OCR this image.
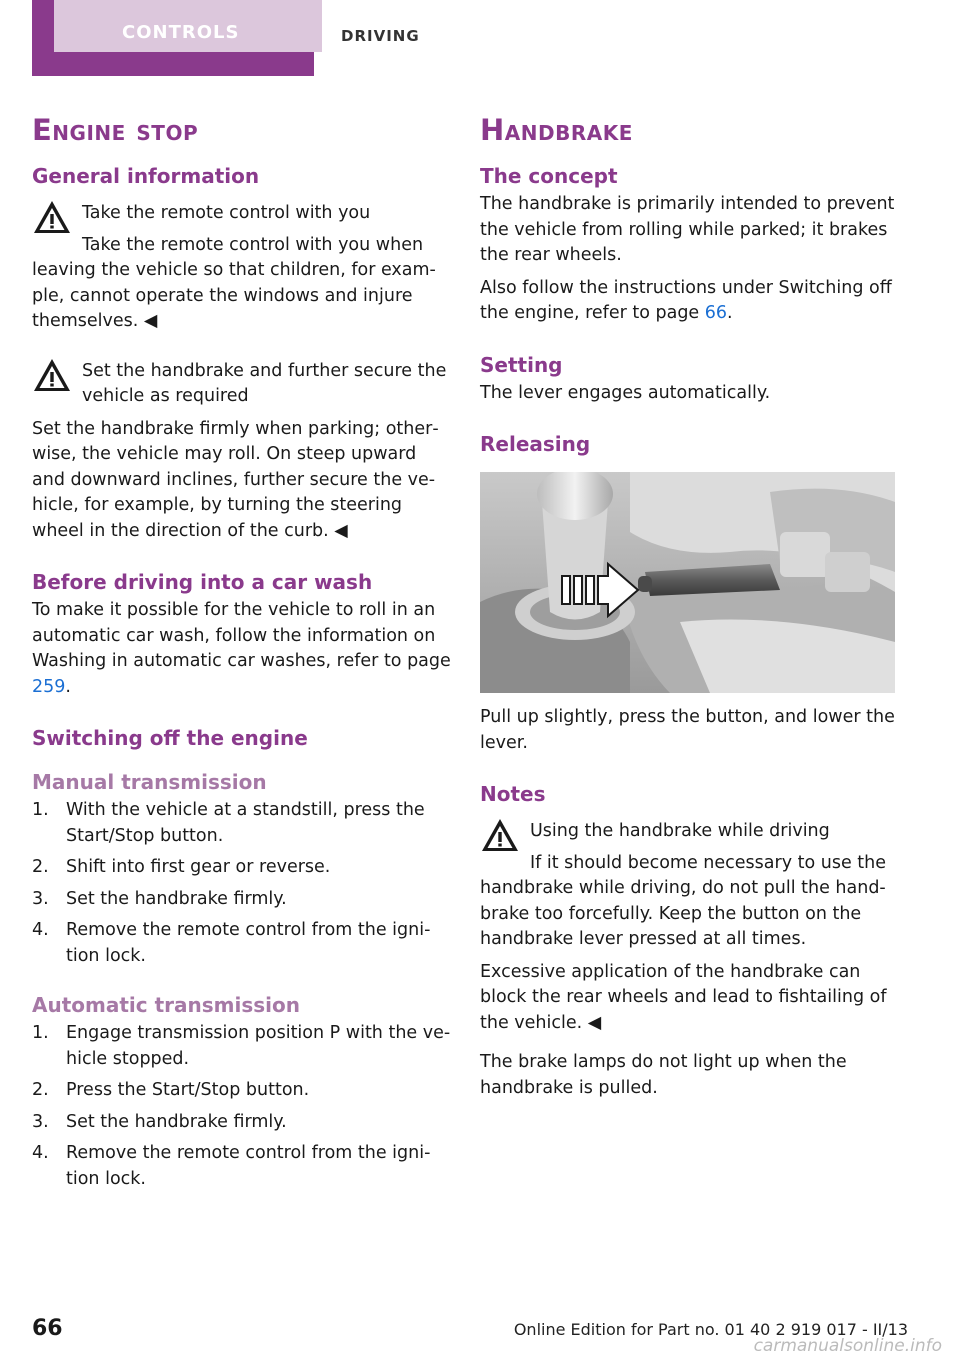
CONTROLS	DRIVING
Engine stop
General information

Take the remote control with you

Take the remote control with you when

leaving the vehicle so that children, for exam‐ple, cannot operate the windows and injure themselves. ◀

Set the handbrake and further secure the vehicle as required

Set the handbrake firmly when parking; other‐wise, the vehicle may roll. On steep upward and downward inclines, further secure the ve‐hicle, for example, by turning the steering wheel in the direction of the curb. ◀

Before driving into a car wash

To make it possible for the vehicle to roll in an automatic car wash, follow the information on Washing in automatic car washes, refer to page 259.

Switching off the engine
Manual transmission
1. With the vehicle at a standstill, press the Start/Stop button.
2. Shift into first gear or reverse.
3. Set the handbrake firmly.
4. Remove the remote control from the igni‐tion lock.
Automatic transmission
1. Engage transmission position P with the ve‐hicle stopped.
2. Press the Start/Stop button.
3. Set the handbrake firmly.
4. Remove the remote control from the igni‐tion lock.
Handbrake
The concept

The handbrake is primarily intended to prevent the vehicle from rolling while parked; it brakes the rear wheels.

Also follow the instructions under Switching off the engine, refer to page 66.

Setting

The lever engages automatically.

Releasing

Pull up slightly, press the button, and lower the lever.

Notes

Using the handbrake while driving

If it should become necessary to use the

handbrake while driving, do not pull the hand‐brake too forcefully. Keep the button on the handbrake lever pressed at all times.

Excessive application of the handbrake can block the rear wheels and lead to fishtailing of the vehicle. ◀

The brake lamps do not light up when the handbrake is pulled.

66	Online Edition for Part no. 01 40 2 919 017 - II/13
carmanualsonline.info
